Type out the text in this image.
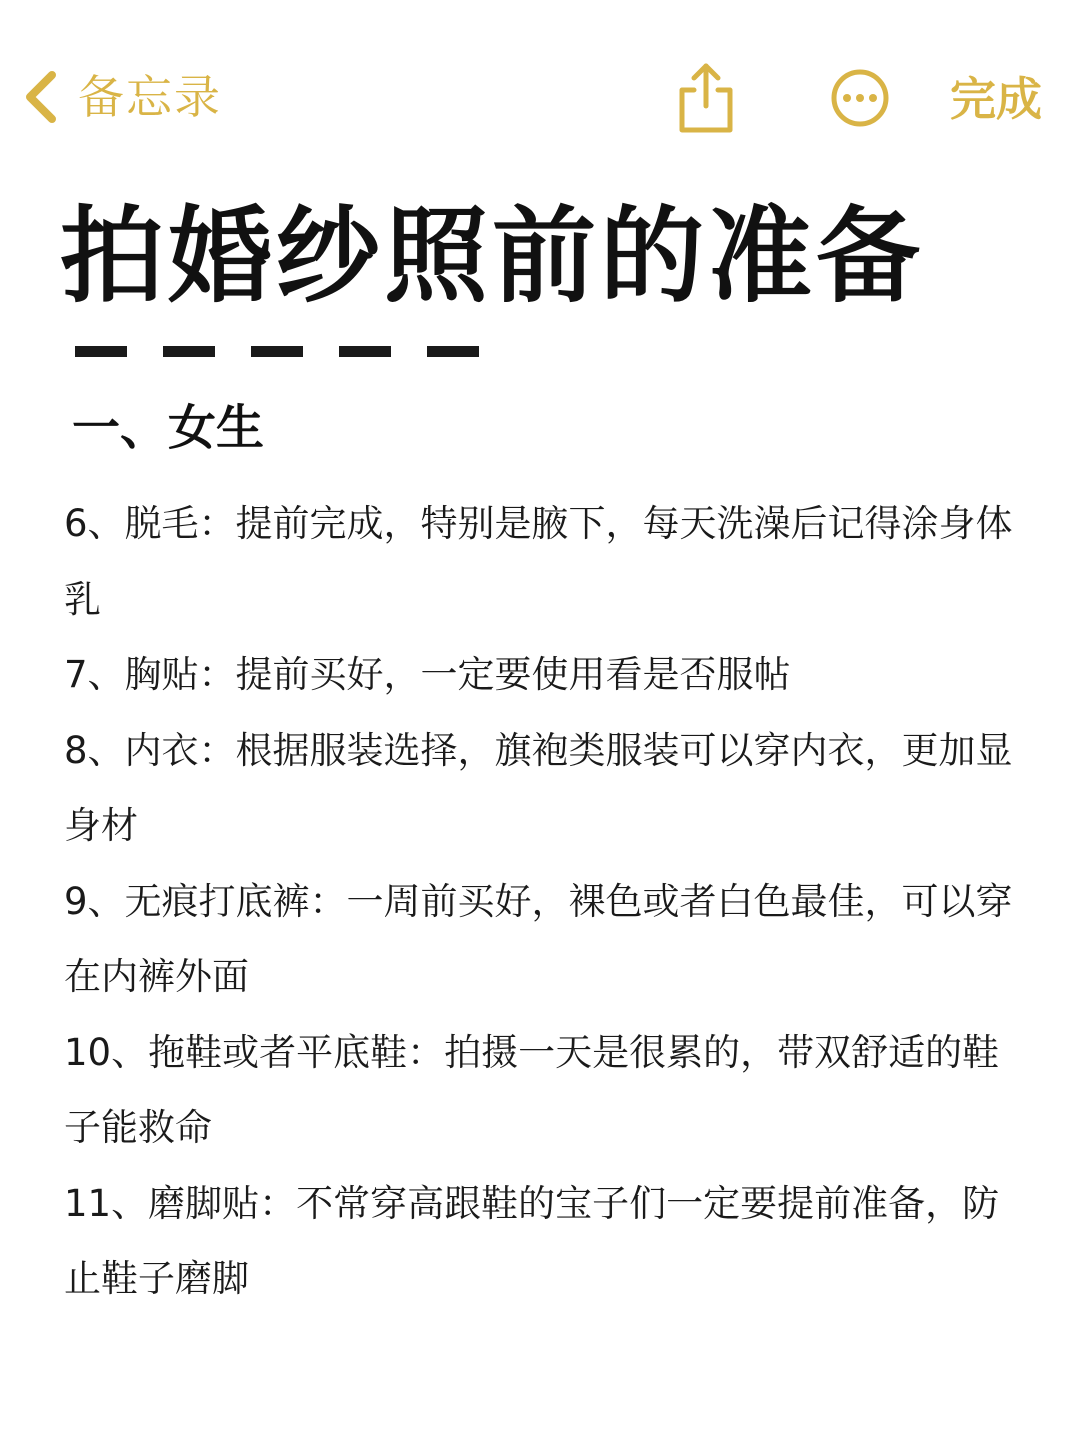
备忘录	完成
拍婚纱照前的准备
一、女生

6、脱毛：提前完成，特别是腋下，每天洗澡后记得涂身体乳

7、胸贴：提前买好，一定要使用看是否服帖

8、内衣：根据服装选择，旗袍类服装可以穿内衣，更加显身材

9、无痕打底裤：一周前买好，裸色或者白色最佳，可以穿在内裤外面

10、拖鞋或者平底鞋：拍摄一天是很累的，带双舒适的鞋子能救命

11、磨脚贴：不常穿高跟鞋的宝子们一定要提前准备，防止鞋子磨脚
